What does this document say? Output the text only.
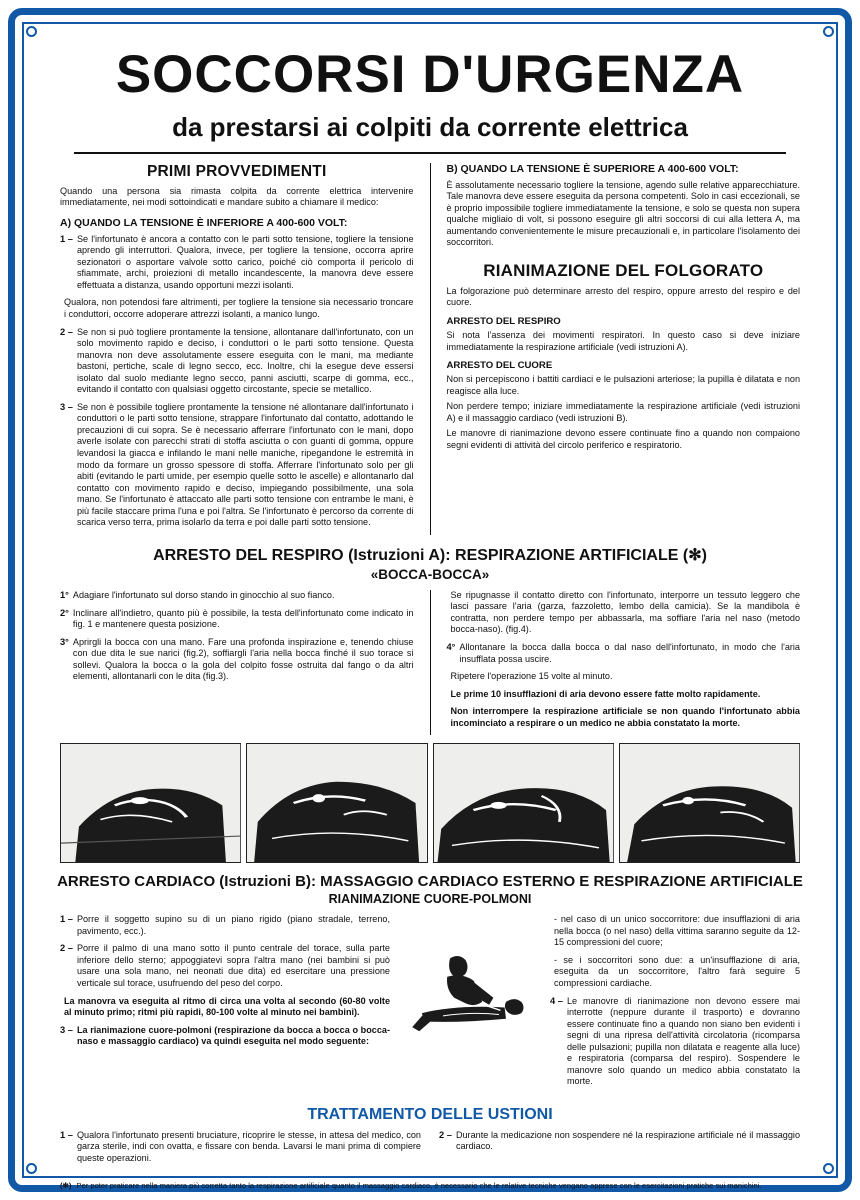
SOCCORSI D'URGENZA
da prestarsi ai colpiti da corrente elettrica
PRIMI PROVVEDIMENTI

Quando una persona sia rimasta colpita da corrente elettrica intervenire immediatamente, nei modi sottoindicati e mandare subito a chiamare il medico:

A) QUANDO LA TENSIONE È INFERIORE A 400-600 VOLT:
1 – Se l'infortunato è ancora a contatto con le parti sotto tensione, togliere la tensione aprendo gli interruttori. Qualora, invece, per togliere la tensione, occorra aprire sezionatori o asportare valvole sotto carico, poiché ciò comporta il pericolo di sfiammate, archi, proiezioni di metallo incandescente, la manovra deve essere effettuata a distanza, usando opportuni mezzi isolanti.
Qualora, non potendosi fare altrimenti, per togliere la tensione sia necessario troncare i conduttori, occorre adoperare attrezzi isolanti, a manico lungo.
2 – Se non si può togliere prontamente la tensione, allontanare dall'infortunato, con un solo movimento rapido e deciso, i conduttori o le parti sotto tensione. Questa manovra non deve assolutamente essere eseguita con le mani, ma mediante bastoni, pertiche, scale di legno secco, ecc. Inoltre, chi la esegue deve essersi isolato dal suolo mediante legno secco, panni asciutti, scarpe di gomma, ecc., evitando il contatto con qualsiasi oggetto circostante, specie se metallico.
3 – Se non è possibile togliere prontamente la tensione né allontanare dall'infortunato i conduttori o le parti sotto tensione, strappare l'infortunato dal contatto, adottando le precauzioni di cui sopra. Se è necessario afferrare l'infortunato con le mani, dopo averle isolate con parecchi strati di stoffa asciutta o con guanti di gomma, oppure levandosi la giacca e infilando le mani nelle maniche, ripegandone le estremità in modo da formare un grosso spessore di stoffa. Afferrare l'infortunato solo per gli abiti (evitando le parti umide, per esempio quelle sotto le ascelle) e allontanarlo dal contatto con movimento rapido e deciso, impiegando possibilmente, una sola mano. Se l'infortunato è attaccato alle parti sotto tensione con entrambe le mani, è più facile staccare prima l'una e poi l'altra. Se l'infortunato è percorso da corrente di scarica verso terra, prima isolarlo da terra e poi dalle parti sotto tensione.
B) QUANDO LA TENSIONE È SUPERIORE A 400-600 VOLT:

È assolutamente necessario togliere la tensione, agendo sulle relative apparecchiature. Tale manovra deve essere eseguita da persona competenti. Solo in casi eccezionali, se è proprio impossibile togliere immediatamente la tensione, e solo se questa non supera qualche migliaio di volt, si possono eseguire gli altri soccorsi di cui alla lettera A, ma aumentando convenientemente le misure precauzionali e, in particolare l'isolamento dei soccorritori.

RIANIMAZIONE DEL FOLGORATO

La folgorazione può determinare arresto del respiro, oppure arresto del respiro e del cuore.

ARRESTO DEL RESPIRO

Si nota l'assenza dei movimenti respiratori. In questo caso si deve iniziare immediatamente la respirazione artificiale (vedi istruzioni A).

ARRESTO DEL CUORE

Non si percepiscono i battiti cardiaci e le pulsazioni arteriose; la pupilla è dilatata e non reagisce alla luce.

Non perdere tempo; iniziare immediatamente la respirazione artificiale (vedi istruzioni A) e il massaggio cardiaco (vedi istruzioni B).

Le manovre di rianimazione devono essere continuate fino a quando non compaiono segni evidenti di attività del circolo periferico e respiratorio.

ARRESTO DEL RESPIRO (Istruzioni A): RESPIRAZIONE ARTIFICIALE (✻)
«BOCCA-BOCCA»
1° Adagiare l'infortunato sul dorso stando in ginocchio al suo fianco.
2° Inclinare all'indietro, quanto più è possibile, la testa dell'infortunato come indicato in fig. 1 e mantenere questa posizione.
3° Aprirgli la bocca con una mano. Fare una profonda inspirazione e, tenendo chiuse con due dita le sue narici (fig.2), soffiargli l'aria nella bocca finché il suo torace si sollevi. Qualora la bocca o la gola del colpito fosse ostruita dal fango o da altri elementi, allontanarli con le dita (fig.3).
Se ripugnasse il contatto diretto con l'infortunato, interporre un tessuto leggero che lasci passare l'aria (garza, fazzoletto, lembo della camicia). Se la mandibola è contratta, non perdere tempo per abbassarla, ma soffiare l'aria nel naso (metodo bocca-naso). (fig.4).
4° Allontanare la bocca dalla bocca o dal naso dell'infortunato, in modo che l'aria insufflata possa uscire.
Ripetere l'operazione 15 volte al minuto.
Le prime 10 insufflazioni di aria devono essere fatte molto rapidamente.
Non interrompere la respirazione artificiale se non quando l'infortunato abbia incominciato a respirare o un medico ne abbia constatato la morte.
ARRESTO CARDIACO (Istruzioni B): MASSAGGIO CARDIACO ESTERNO E RESPIRAZIONE ARTIFICIALE
RIANIMAZIONE CUORE-POLMONI
1 – Porre il soggetto supino su di un piano rigido (piano stradale, terreno, pavimento, ecc.).
2 – Porre il palmo di una mano sotto il punto centrale del torace, sulla parte inferiore dello sterno; appoggiatevi sopra l'altra mano (nei bambini si può usare una sola mano, nei neonati due dita) ed esercitare una pressione verticale sul torace, usufruendo del peso del corpo.
La manovra va eseguita al ritmo di circa una volta al secondo (60-80 volte al minuto primo; ritmi più rapidi, 80-100 volte al minuto nei bambini).
3 – La rianimazione cuore-polmoni (respirazione da bocca a bocca o bocca-naso e massaggio cardiaco) va quindi eseguita nel modo seguente:
- nel caso di un unico soccorritore: due insufflazioni di aria nella bocca (o nel naso) della vittima saranno seguite da 12-15 compressioni del cuore;
- se i soccorritori sono due: a un'insufflazione di aria, eseguita da un soccorritore, l'altro farà seguire 5 compressioni cardiache.
4 – Le manovre di rianimazione non devono essere mai interrotte (neppure durante il trasporto) e dovranno essere continuate fino a quando non siano ben evidenti i segni di una ripresa dell'attività circolatoria (ricomparsa delle pulsazioni; pupilla non dilatata e reagente alla luce) e respiratoria (comparsa del respiro). Sospendere le manovre solo quando un medico abbia constatato la morte.
TRATTAMENTO DELLE USTIONI
1 – Qualora l'infortunato presenti bruciature, ricoprire le stesse, in attesa del medico, con garza sterile, indi con ovatta, e fissare con benda. Lavarsi le mani prima di compiere queste operazioni.
2 – Durante la medicazione non sospendere né la respirazione artificiale né il massaggio cardiaco.
(✻) Per poter praticare nella maniera più corretta tanto la respirazione artificiale quanto il massaggio cardiaco, è necessario che le relative tecniche vengano apprese con le esercitazioni pratiche sui manichini.
